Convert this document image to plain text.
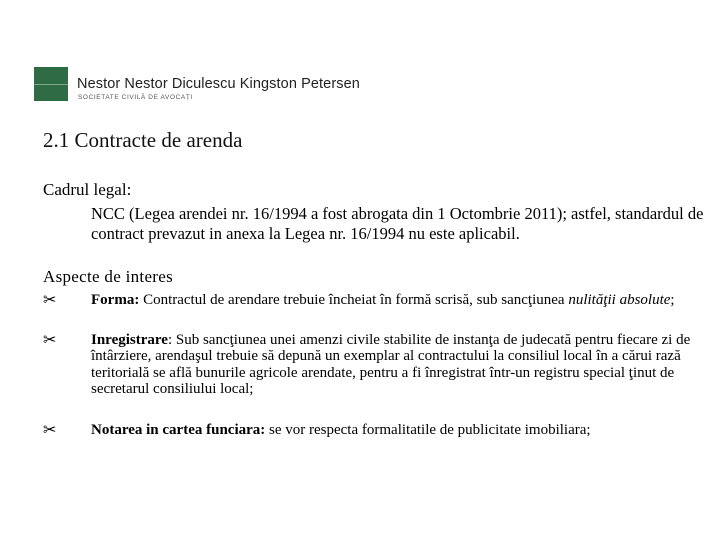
Nestor Nestor Diculescu Kingston Petersen
SOCIETATE CIVILĂ DE AVOCAȚI
2.1 Contracte de arenda
Cadrul legal:
NCC (Legea arendei nr. 16/1994 a fost abrogata din 1 Octombrie 2011); astfel, standardul de contract prevazut in anexa la Legea nr. 16/1994 nu este aplicabil.
Aspecte de interes
✂ Forma: Contractul de arendare trebuie încheiat în formă scrisă, sub sancţiunea nulităţii absolute;
✂ Inregistrare: Sub sancţiunea unei amenzi civile stabilite de instanţa de judecată pentru fiecare zi de întârziere, arendaşul trebuie să depună un exemplar al contractului la consiliul local în a cărui rază teritorială se află bunurile agricole arendate, pentru a fi înregistrat într-un registru special ţinut de secretarul consiliului local;
✂ Notarea in cartea funciara: se vor respecta formalitatile de publicitate imobiliara;
